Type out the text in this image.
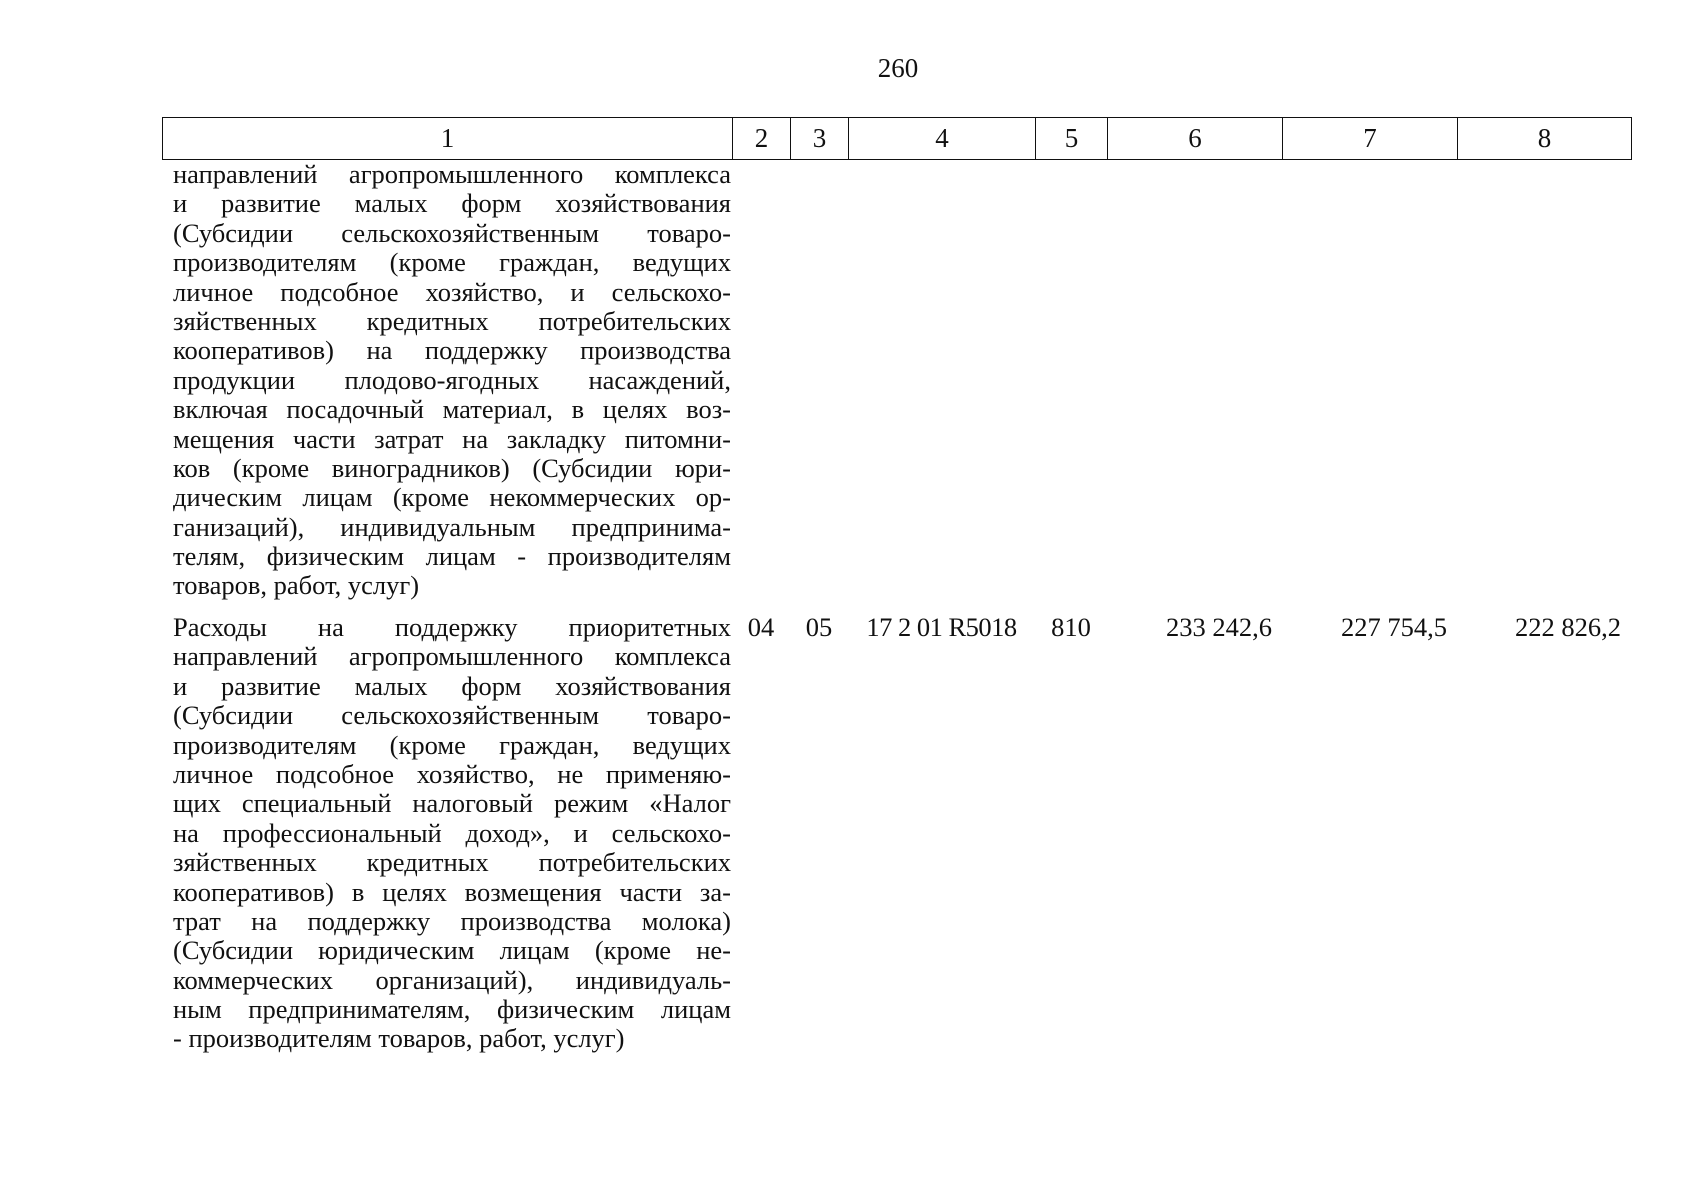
260
1	2	3	4	5	6	7	8
направлений агропромышленного комплекса
и развитие малых форм хозяйствования
(Субсидии сельскохозяйственным товаро-
производителям (кроме граждан, ведущих
личное подсобное хозяйство, и сельскохо-
зяйственных кредитных потребительских
кооперативов) на поддержку производства
продукции плодово-ягодных насаждений,
включая посадочный материал, в целях воз-
мещения части затрат на закладку питомни-
ков (кроме виноградников) (Субсидии юри-
дическим лицам (кроме некоммерческих ор-
ганизаций), индивидуальным предпринима-
телям, физическим лицам - производителям
товаров, работ, услуг)
Расходы на поддержку приоритетных
направлений агропромышленного комплекса
и развитие малых форм хозяйствования
(Субсидии сельскохозяйственным товаро-
производителям (кроме граждан, ведущих
личное подсобное хозяйство, не применяю-
щих специальный налоговый режим «Налог
на профессиональный доход», и сельскохо-
зяйственных кредитных потребительских
кооперативов) в целях возмещения части за-
трат на поддержку производства молока)
(Субсидии юридическим лицам (кроме не-
коммерческих организаций), индивидуаль-
ным предпринимателям, физическим лицам
- производителям товаров, работ, услуг)
04	05	17 2 01 R5018	810	233 242,6	227 754,5	222 826,2
